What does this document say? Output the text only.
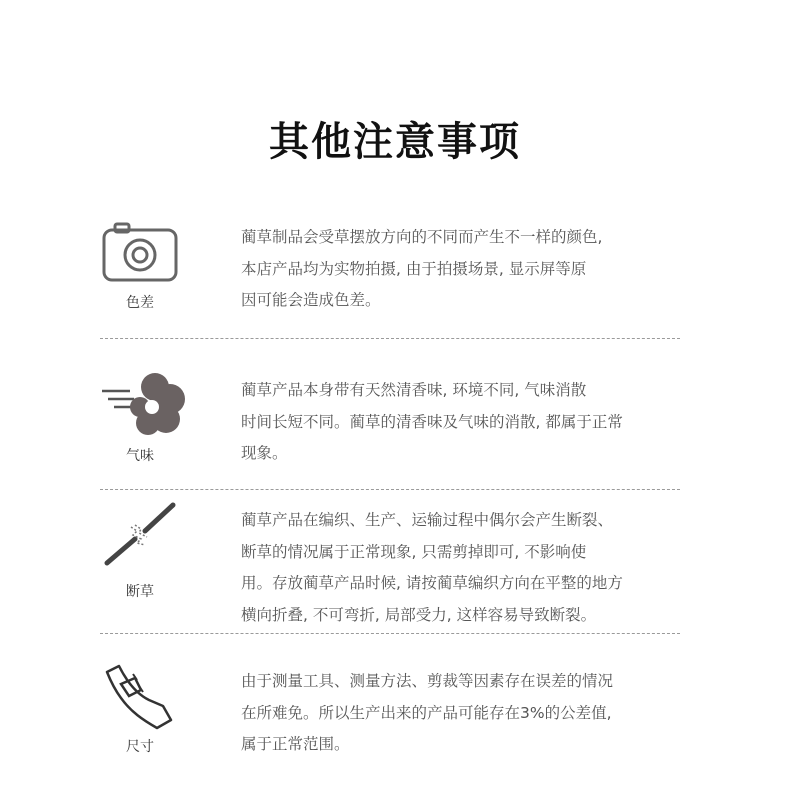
其他注意事项
色差
蔺草制品会受草摆放方向的不同而产生不一样的颜色,
本店产品均为实物拍摄, 由于拍摄场景, 显示屏等原
因可能会造成色差。
气味
蔺草产品本身带有天然清香味, 环境不同, 气味消散
时间长短不同。蔺草的清香味及气味的消散, 都属于正常
现象。
断草
蔺草产品在编织、生产、运输过程中偶尔会产生断裂、
断草的情况属于正常现象, 只需剪掉即可, 不影响使
用。存放蔺草产品时候, 请按蔺草编织方向在平整的地方
横向折叠, 不可弯折, 局部受力, 这样容易导致断裂。
尺寸
由于测量工具、测量方法、剪裁等因素存在误差的情况
在所难免。所以生产出来的产品可能存在3%的公差值,
属于正常范围。
